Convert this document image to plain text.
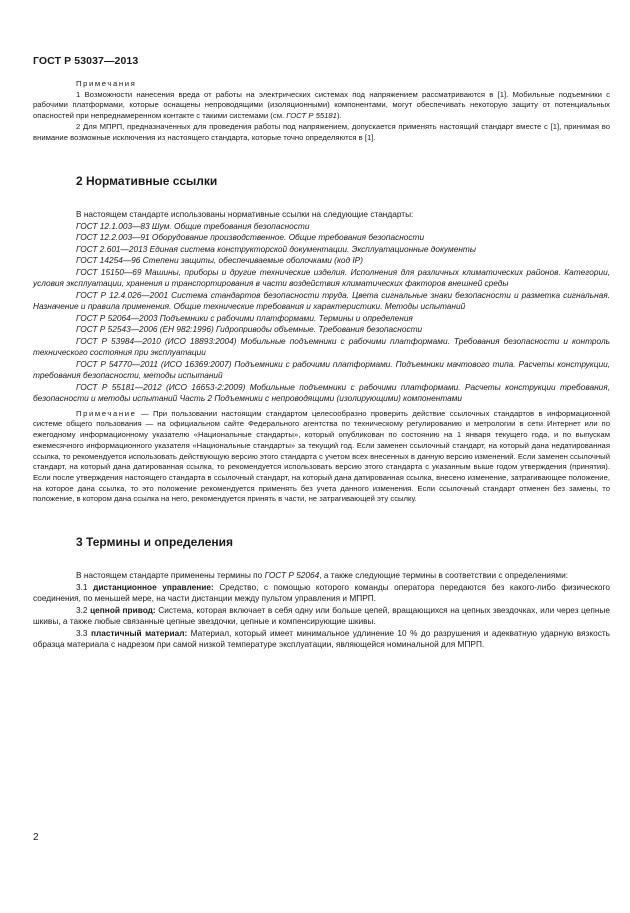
ГОСТ Р 53037—2013

Примечания

1 Возможности нанесения вреда от работы на электрических системах под напряжением рассматриваются в [1]. Мобильные подъемники с рабочими платформами, которые оснащены непроводящими (изоляционными) компонентами, могут обеспечивать некоторую защиту от потенциальных опасностей при непреднамеренном контакте с такими системами (см. ГОСТ Р 55181).

2 Для МПРП, предназначенных для проведения работы под напряжением, допускается применять настоящий стандарт вместе с [1], принимая во внимание возможные исключения из настоящего стандарта, которые точно определяются в [1].

2 Нормативные ссылки

В настоящем стандарте использованы нормативные ссылки на следующие стандарты:

ГОСТ 12.1.003—83 Шум. Общие требования безопасности

ГОСТ 12.2.003—91 Оборудование производственное. Общие требования безопасности

ГОСТ 2.601—2013 Единая система конструкторской документации. Эксплуатационные документы

ГОСТ 14254—96 Степени защиты, обеспечиваемые оболочками (код IP)

ГОСТ 15150—69 Машины, приборы и другие технические изделия. Исполнения для различных климатических районов. Категории, условия эксплуатации, хранения и транспортирования в части воздействия климатических факторов внешней среды

ГОСТ Р 12.4.026—2001 Система стандартов безопасности труда. Цвета сигнальные знаки безопасности и разметка сигнальная. Назначение и правила применения. Общие технические требования и характеристики. Методы испытаний

ГОСТ Р 52064—2003 Подъемники с рабочими платформами. Термины и определения

ГОСТ Р 52543—2006 (ЕН 982:1996) Гидроприводы объемные. Требования безопасности

ГОСТ Р 53984—2010 (ИСО 18893:2004) Мобильные подъемники с рабочими платформами. Требования безопасности и контроль технического состояния при эксплуатации

ГОСТ Р 54770—2011 (ИСО 16369:2007) Подъемники с рабочими платформами. Подъемники мачтового типа. Расчеты конструкции, требования безопасности, методы испытаний

ГОСТ Р 55181—2012 (ИСО 16653-2:2009) Мобильные подъемники с рабочими платформами. Расчеты конструкции требования, безопасности и методы испытаний Часть 2 Подъемники с непроводящими (изолирующими) компонентами

Примечание — При пользовании настоящим стандартом целесообразно проверить действие ссылочных стандартов в информационной системе общего пользования — на официальном сайте Федерального агентства по техническому регулированию и метрологии в сети Интернет или по ежегодному информационному указателю «Национальные стандарты», который опубликован по состоянию на 1 января текущего года, и по выпускам ежемесячного информационного указателя «Национальные стандарты» за текущий год. Если заменен ссылочный стандарт, на который дана недатированная ссылка, то рекомендуется использовать действующую версию этого стандарта с учетом всех внесенных в данную версию изменений. Если заменен ссылочный стандарт, на который дана датированная ссылка, то рекомендуется использовать версию этого стандарта с указанным выше годом утверждения (принятия). Если после утверждения настоящего стандарта в ссылочный стандарт, на который дана датированная ссылка, внесено изменение, затрагивающее положение, на которое дана ссылка, то это положение рекомендуется применять без учета данного изменения. Если ссылочный стандарт отменен без замены, то положение, в котором дана ссылка на него, рекомендуется принять в части, не затрагивающей эту ссылку.

3 Термины и определения

В настоящем стандарте применены термины по ГОСТ Р 52064, а также следующие термины в соответствии с определениями:

3.1 дистанционное управление: Средство, с помощью которого команды оператора передаются без какого-либо физического соединения, по меньшей мере, на части дистанции между пультом управления и МПРП.

3.2 цепной привод: Система, которая включает в себя одну или больше цепей, вращающихся на цепных звездочках, или через цепные шкивы, а также любые связанные цепные звездочки, цепные и компенсирующие шкивы.

3.3 пластичный материал: Материал, который имеет минимальное удлинение 10 % до разрушения и адекватную ударную вязкость образца материала с надрезом при самой низкой температуре эксплуатации, являющейся номинальной для МПРП.

2
